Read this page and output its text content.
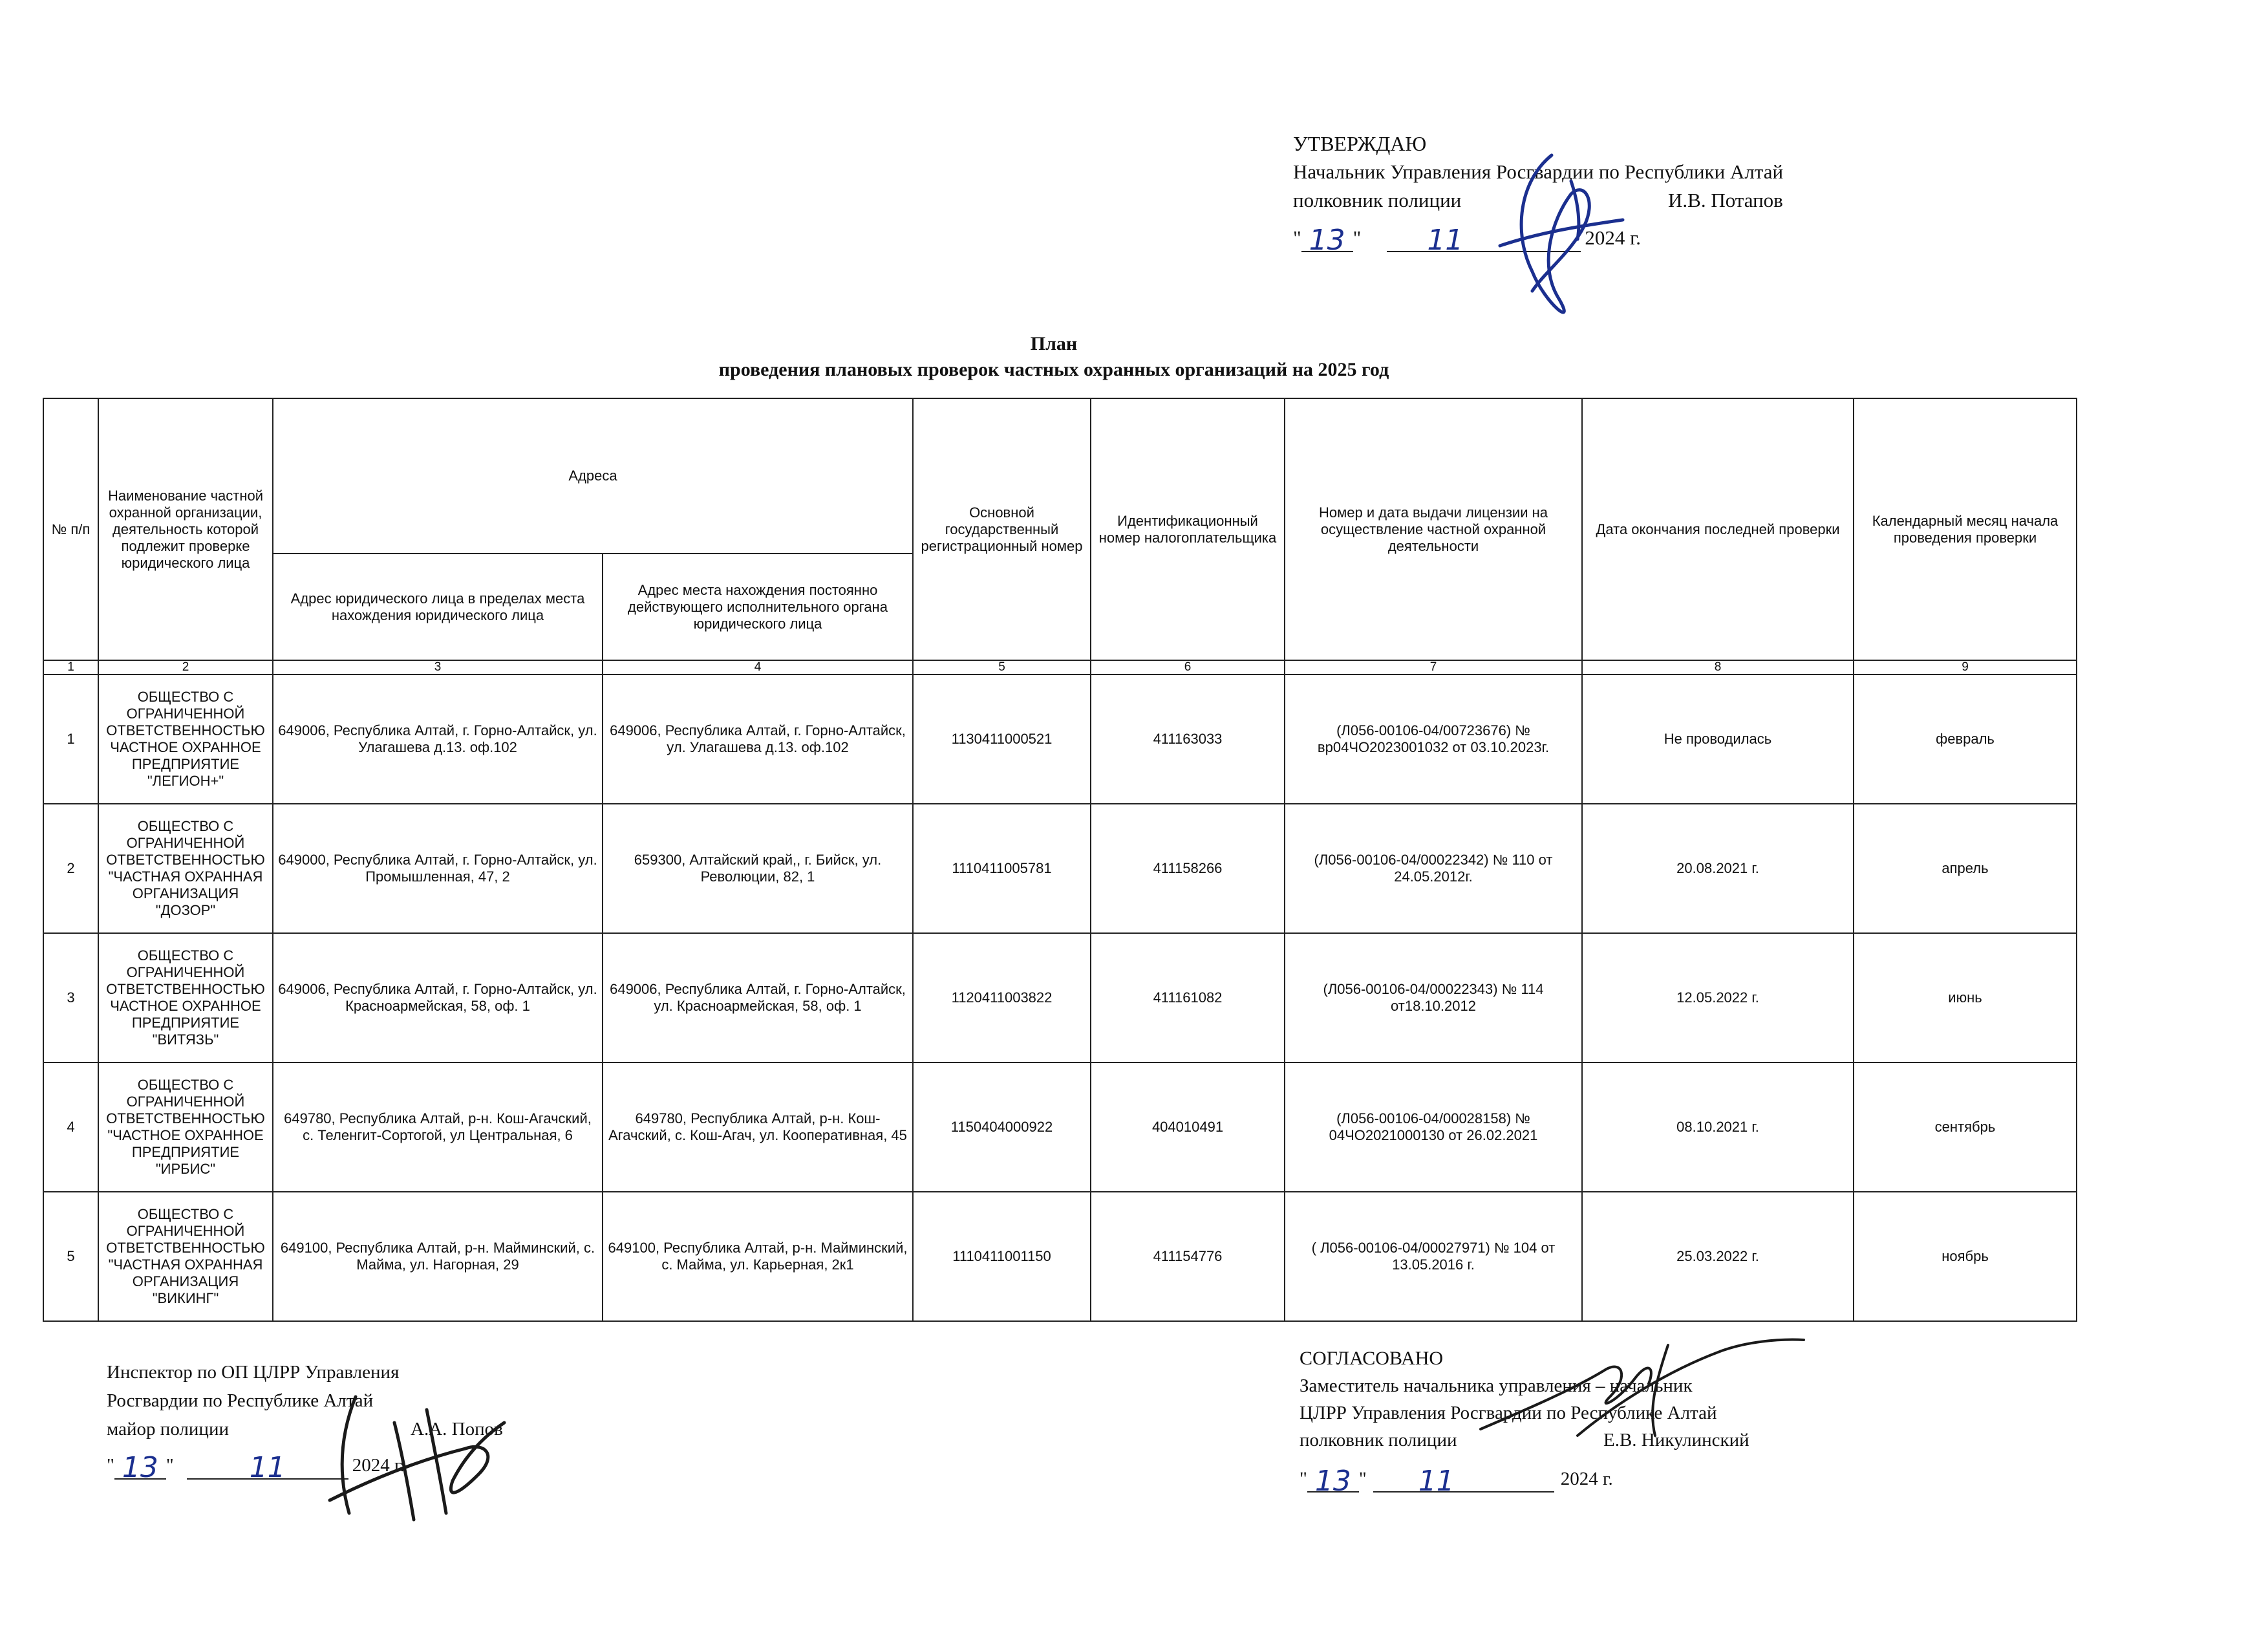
УТВЕРЖДАЮ
Начальник Управления Росгвардии по Республики Алтай
полковник полиции	И.В. Потапов
" 13 " 11	2024 г.
План
проведения плановых проверок частных охранных организаций на 2025 год
№ п/п	Наименование частной охранной организации, деятельность которой подлежит проверке юридического лица	Адреса		Основной государственный регистрационный номер	Идентификационный номер налогоплательщика	Номер и дата выдачи лицензии на осуществление частной охранной деятельности	Дата окончания последней проверки	Календарный месяц начала проведения проверки
		Адрес юридического лица в пределах места нахождения юридического лица	Адрес места нахождения постоянно действующего исполнительного органа юридического лица					
1	2	3	4	5	6	7	8	9
1	ОБЩЕСТВО С ОГРАНИЧЕННОЙ ОТВЕТСТВЕННОСТЬЮ ЧАСТНОЕ ОХРАННОЕ ПРЕДПРИЯТИЕ "ЛЕГИОН+"	649006, Республика Алтай, г. Горно-Алтайск, ул. Улагашева д.13. оф.102	649006, Республика Алтай, г. Горно-Алтайск, ул. Улагашева д.13. оф.102	1130411000521	411163033	(Л056-00106-04/00723676) № вр04ЧО2023001032 от 03.10.2023г.	Не проводилась	февраль
2	ОБЩЕСТВО С ОГРАНИЧЕННОЙ ОТВЕТСТВЕННОСТЬЮ "ЧАСТНАЯ ОХРАННАЯ ОРГАНИЗАЦИЯ "ДОЗОР"	649000, Республика Алтай, г. Горно-Алтайск, ул. Промышленная, 47, 2	659300, Алтайский край,, г. Бийск, ул. Революции, 82, 1	1110411005781	411158266	(Л056-00106-04/00022342) № 110 от 24.05.2012г.	20.08.2021 г.	апрель
3	ОБЩЕСТВО С ОГРАНИЧЕННОЙ ОТВЕТСТВЕННОСТЬЮ ЧАСТНОЕ ОХРАННОЕ ПРЕДПРИЯТИЕ "ВИТЯЗЬ"	649006, Республика Алтай, г. Горно-Алтайск, ул. Красноармейская, 58, оф. 1	649006, Республика Алтай, г. Горно-Алтайск, ул. Красноармейская, 58, оф. 1	1120411003822	411161082	(Л056-00106-04/00022343) № 114 от18.10.2012	12.05.2022 г.	июнь
4	ОБЩЕСТВО С ОГРАНИЧЕННОЙ ОТВЕТСТВЕННОСТЬЮ "ЧАСТНОЕ ОХРАННОЕ ПРЕДПРИЯТИЕ "ИРБИС"	649780, Республика Алтай, р-н. Кош-Агачский, с. Теленгит-Сортогой, ул Центральная, 6	649780, Республика Алтай, р-н. Кош-Агачский, с. Кош-Агач, ул. Кооперативная, 45	1150404000922	404010491	(Л056-00106-04/00028158) № 04ЧО2021000130 от 26.02.2021	08.10.2021 г.	сентябрь
5	ОБЩЕСТВО С ОГРАНИЧЕННОЙ ОТВЕТСТВЕННОСТЬЮ "ЧАСТНАЯ ОХРАННАЯ ОРГАНИЗАЦИЯ "ВИКИНГ"	649100, Республика Алтай, р-н. Майминский, с. Майма, ул. Нагорная, 29	649100, Республика Алтай, р-н. Майминский, с. Майма, ул. Карьерная, 2к1	1110411001150	411154776	( Л056-00106-04/00027971) № 104 от 13.05.2016 г.	25.03.2022 г.	ноябрь
Инспектор по ОП ЦЛРР Управления
Росгвардии по Республике Алтай
майор полиции	А.А. Попов
" 13 "	11	2024 г.
СОГЛАСОВАНО
Заместитель начальника управления – начальник
ЦЛРР Управления Росгвардии по Республике Алтай
полковник полиции	Е.В. Никулинский
" 13 " 11	2024 г.
